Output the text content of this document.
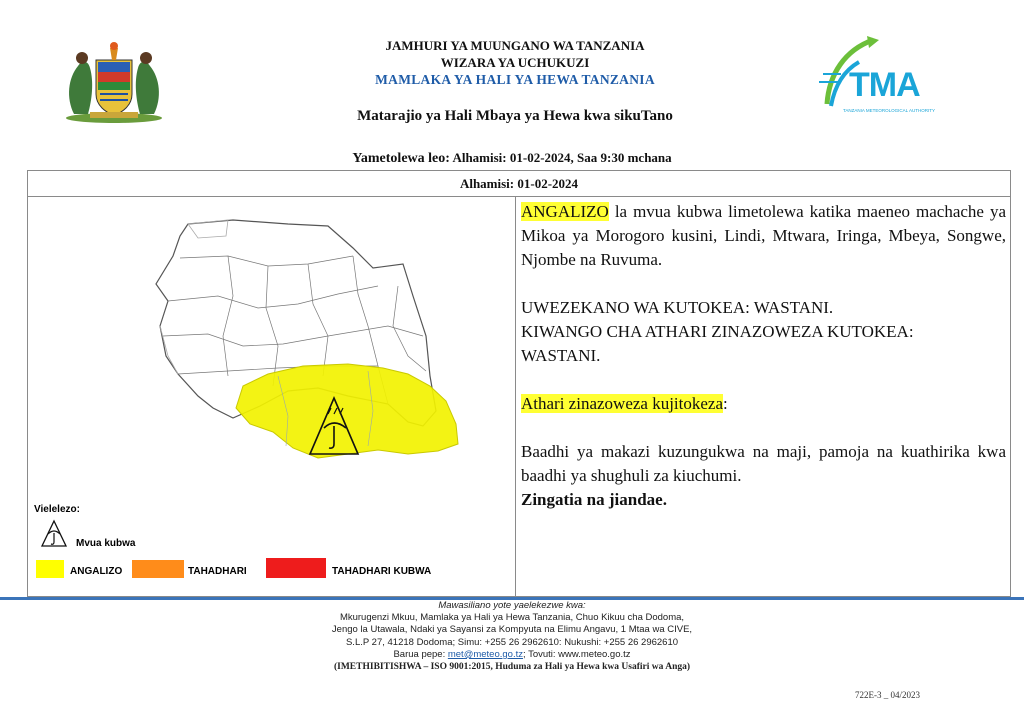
JAMHURI YA MUUNGANO WA TANZANIA
WIZARA YA UCHUKUZI
MAMLAKA YA HALI YA HEWA TANZANIA
Matarajio ya Hali Mbaya ya Hewa kwa sikuTano
TMA
TANZANIA METEOROLOGICAL AUTHORITY
Yametolewa leo: Alhamisi: 01-02-2024, Saa 9:30 mchana
Alhamisi: 01-02-2024
Vielelezo:
Mvua kubwa
ANGALIZO	TAHADHARI	TAHADHARI KUBWA

ANGALIZO la mvua kubwa limetolewa katika maeneo machache ya Mikoa ya Morogoro kusini, Lindi, Mtwara, Iringa, Mbeya, Songwe, Njombe na Ruvuma.

UWEZEKANO WA KUTOKEA: WASTANI.

KIWANGO CHA ATHARI ZINAZOWEZA KUTOKEA: WASTANI.

Athari zinazoweza kujitokeza:

Baadhi ya makazi kuzungukwa na maji, pamoja na kuathirika kwa baadhi ya shughuli za kiuchumi.

Zingatia na jiandae.

Mawasiliano yote yaelekezwe kwa:
Mkurugenzi Mkuu, Mamlaka ya Hali ya Hewa Tanzania, Chuo Kikuu cha Dodoma,
Jengo la Utawala, Ndaki ya Sayansi za Kompyuta na Elimu Angavu, 1 Mtaa wa CIVE,
S.L.P 27, 41218 Dodoma; Simu: +255 26 2962610: Nukushi: +255 26 2962610
Barua pepe: met@meteo.go.tz; Tovuti: www.meteo.go.tz
(IMETHIBITISHWA – ISO 9001:2015, Huduma za Hali ya Hewa kwa Usafiri wa Anga)
722E-3 _ 04/2023
